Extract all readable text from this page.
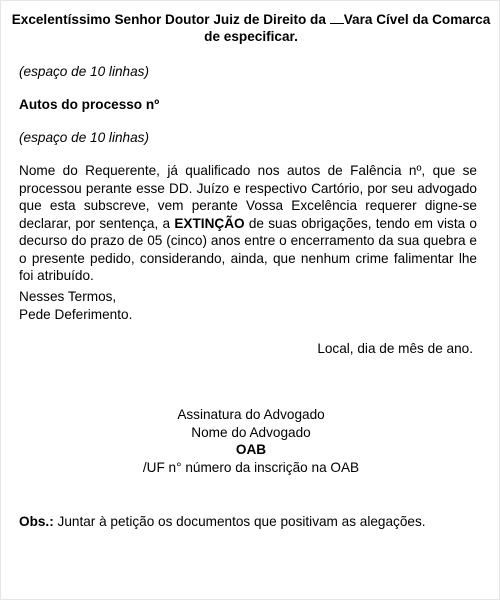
Excelentíssimo Senhor Doutor Juiz de Direito da Vara Cível da Comarca
de especificar.
(espaço de 10 linhas)
Autos do processo nº
(espaço de 10 linhas)
Nome do Requerente, já qualificado nos autos de Falência nº, que se processou perante esse DD. Juízo e respectivo Cartório, por seu advogado que esta subscreve, vem perante Vossa Excelência requerer digne-se declarar, por sentença, a EXTINÇÃO de suas obrigações, tendo em vista o decurso do prazo de 05 (cinco) anos entre o encerramento da sua quebra e o presente pedido, considerando, ainda, que nenhum crime falimentar lhe foi atribuído.
Nesses Termos,
Pede Deferimento.
Local, dia de mês de ano.
Assinatura do Advogado
Nome do Advogado
OAB
/UF n° número da inscrição na OAB
Obs.: Juntar à petição os documentos que positivam as alegações.
